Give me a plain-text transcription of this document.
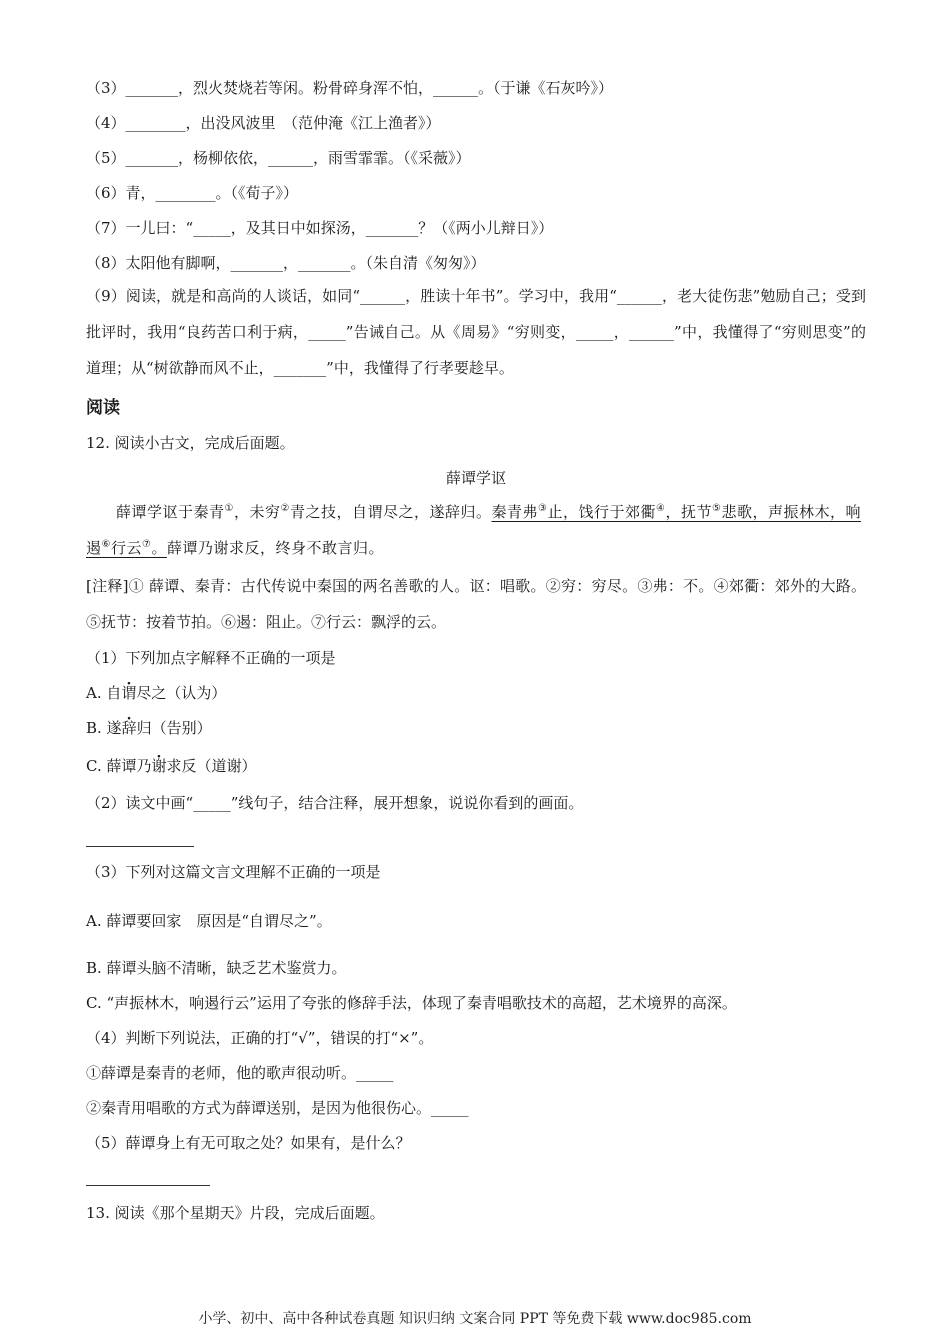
（3）_______，烈火焚烧若等闲。粉骨碎身浑不怕，______。（于谦《石灰吟》）
（4）________，出没风波里　（范仲淹《江上渔者》）
（5）_______，杨柳依依，______，雨雪霏霏。（《采薇》）
（6）青，________。（《荀子》）
（7）一儿曰：“_____，及其日中如探汤，_______？（《两小儿辩日》）
（8）太阳他有脚啊，_______，_______。（朱自清《匆匆》）
（9）阅读，就是和高尚的人谈话，如同“______，胜读十年书”。学习中，我用“______，老大徒伤悲”勉励自己；受到批评时，我用“良药苦口利于病，_____”告诫自己。从《周易》“穷则变，_____，______”中，我懂得了“穷则思变”的道理；从“树欲静而风不止，_______”中，我懂得了行孝要趁早。
阅读
12. 阅读小古文，完成后面题。
薛谭学讴
薛谭学讴于秦青①，未穷②青之技，自谓尽之，遂辞归。秦青弗③止，饯行于郊衢④，抚节⑤悲歌，声振林木，响遏⑥行云⑦。薛谭乃谢求反，终身不敢言归。
[注释]① 薛谭、秦青：古代传说中秦国的两名善歌的人。讴：唱歌。②穷：穷尽。③弗：不。④郊衢：郊外的大路。⑤抚节：按着节拍。⑥遏：阻止。⑦行云：飘浮的云。
（1）下列加点字解释不正确的一项是
A. 自谓尽之（认为）
B. 遂辞归（告别）
C. 薛谭乃谢求反（道谢）
（2）读文中画“_____”线句子，结合注释，展开想象，说说你看到的画面。
（3）下列对这篇文言文理解不正确的一项是
A. 薛谭要回家　原因是“自谓尽之”。
B. 薛谭头脑不清晰，缺乏艺术鉴赏力。
C. “声振林木，响遏行云”运用了夸张的修辞手法，体现了秦青唱歌技术的高超，艺术境界的高深。
（4）判断下列说法，正确的打“√”，错误的打“×”。
①薛谭是秦青的老师，他的歌声很动听。_____
②秦青用唱歌的方式为薛谭送别，是因为他很伤心。_____
（5）薛谭身上有无可取之处？如果有，是什么？
13. 阅读《那个星期天》片段，完成后面题。
小学、初中、高中各种试卷真题 知识归纳 文案合同 PPT 等免费下载 www.doc985.com
